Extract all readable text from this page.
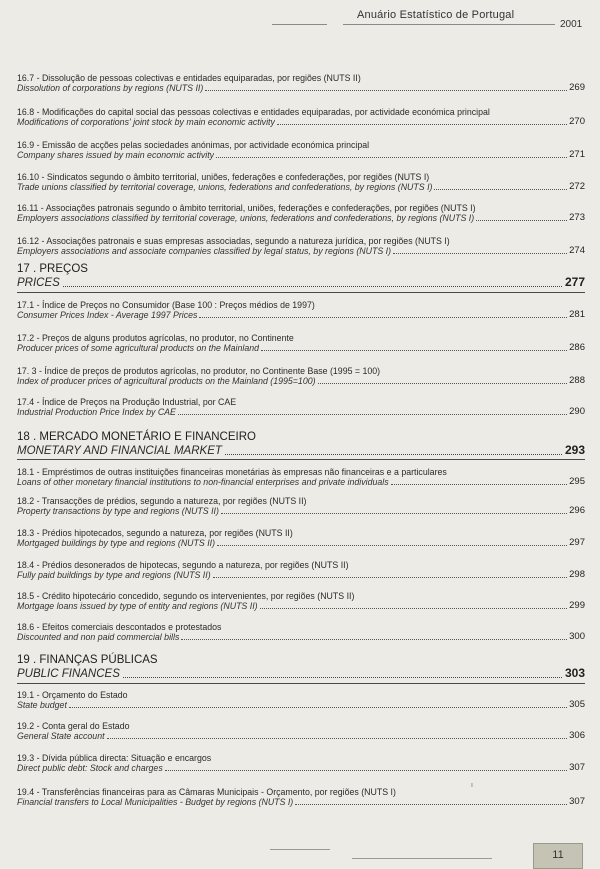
Anuário Estatístico de Portugal
2001
16.7 - Dissolução de pessoas colectivas e entidades equiparadas, por regiões (NUTS II)
Dissolution of corporations by regions (NUTS II)	269
16.8 - Modificações do capital social das pessoas colectivas e entidades equiparadas, por actividade económica principal
Modifications of corporations' joint stock by main economic activity	270
16.9 - Emissão de acções pelas sociedades anónimas, por actividade económica principal
Company shares issued by main economic activity	271
16.10 - Sindicatos segundo o âmbito territorial, uniões, federações e confederações, por regiões (NUTS I)
Trade unions classified by territorial coverage, unions, federations and confederations, by regions (NUTS I)	272
16.11 - Associações patronais segundo o âmbito territorial, uniões, federações e confederações, por regiões (NUTS I)
Employers associations classified by territorial coverage, unions, federations and confederations, by regions (NUTS I)	273
16.12 - Associações patronais e suas empresas associadas, segundo a natureza jurídica, por regiões (NUTS I)
Employers associations and associate companies classified by legal status, by regions (NUTS I)	274
17 . PREÇOS
PRICES	277
17.1 - Índice de Preços no Consumidor (Base 100 : Preços médios de 1997)
Consumer Prices Index - Average 1997 Prices	281
17.2 - Preços de alguns produtos agrícolas, no produtor, no Continente
Producer prices of some agricultural products on the Mainland	286
17. 3 - Índice de preços de produtos agrícolas, no produtor, no Continente Base (1995 = 100)
Index of producer prices of agricultural products on the Mainland (1995=100)	288
17.4 - Índice de Preços na Produção Industrial, por CAE
Industrial Production Price Index by CAE	290
18 . MERCADO MONETÁRIO E FINANCEIRO
MONETARY AND FINANCIAL MARKET	293
18.1 - Empréstimos de outras instituições financeiras monetárias às empresas não financeiras e a particulares
Loans of other monetary financial institutions to non-financial enterprises and private individuals	295
18.2 - Transacções de prédios, segundo a natureza, por regiões (NUTS II)
Property transactions by type and regions (NUTS II)	296
18.3 - Prédios hipotecados, segundo a natureza, por regiões (NUTS II)
Mortgaged buildings by type and regions (NUTS II)	297
18.4 - Prédios desonerados de hipotecas, segundo a natureza, por regiões (NUTS II)
Fully paid buildings by type and regions (NUTS II)	298
18.5 - Crédito hipotecário concedido, segundo os intervenientes, por regiões (NUTS II)
Mortgage loans issued by type of entity and regions (NUTS II)	299
18.6 - Efeitos comerciais descontados e protestados
Discounted and non paid commercial bills	300
19 . FINANÇAS PÚBLICAS
PUBLIC FINANCES	303
19.1 - Orçamento do Estado
State budget	305
19.2 - Conta geral do Estado
General State account	306
19.3 - Dívida pública directa: Situação e encargos
Direct public debt: Stock and charges	307
19.4 - Transferências financeiras para as Câmaras Municipais - Orçamento, por regiões (NUTS I)
Financial transfers to Local Municipalities - Budget by regions (NUTS I)	307
ı
11
